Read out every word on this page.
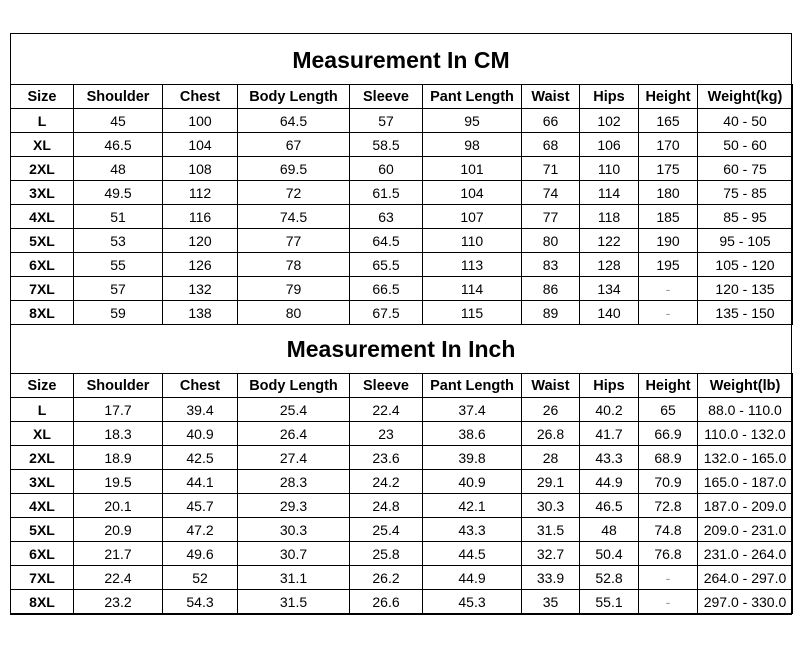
Measurement In CM
Size	Shoulder	Chest	Body Length	Sleeve	Pant Length	Waist	Hips	Height	Weight(kg)
L	45	100	64.5	57	95	66	102	165	40 - 50
XL	46.5	104	67	58.5	98	68	106	170	50 - 60
2XL	48	108	69.5	60	101	71	110	175	60 - 75
3XL	49.5	112	72	61.5	104	74	114	180	75 - 85
4XL	51	116	74.5	63	107	77	118	185	85 - 95
5XL	53	120	77	64.5	110	80	122	190	95 - 105
6XL	55	126	78	65.5	113	83	128	195	105 - 120
7XL	57	132	79	66.5	114	86	134	-	120 - 135
8XL	59	138	80	67.5	115	89	140	-	135 - 150
Measurement In Inch
Size	Shoulder	Chest	Body Length	Sleeve	Pant Length	Waist	Hips	Height	Weight(lb)
L	17.7	39.4	25.4	22.4	37.4	26	40.2	65	88.0 - 110.0
XL	18.3	40.9	26.4	23	38.6	26.8	41.7	66.9	110.0 - 132.0
2XL	18.9	42.5	27.4	23.6	39.8	28	43.3	68.9	132.0 - 165.0
3XL	19.5	44.1	28.3	24.2	40.9	29.1	44.9	70.9	165.0 - 187.0
4XL	20.1	45.7	29.3	24.8	42.1	30.3	46.5	72.8	187.0 - 209.0
5XL	20.9	47.2	30.3	25.4	43.3	31.5	48	74.8	209.0 - 231.0
6XL	21.7	49.6	30.7	25.8	44.5	32.7	50.4	76.8	231.0 - 264.0
7XL	22.4	52	31.1	26.2	44.9	33.9	52.8	-	264.0 - 297.0
8XL	23.2	54.3	31.5	26.6	45.3	35	55.1	-	297.0 - 330.0
